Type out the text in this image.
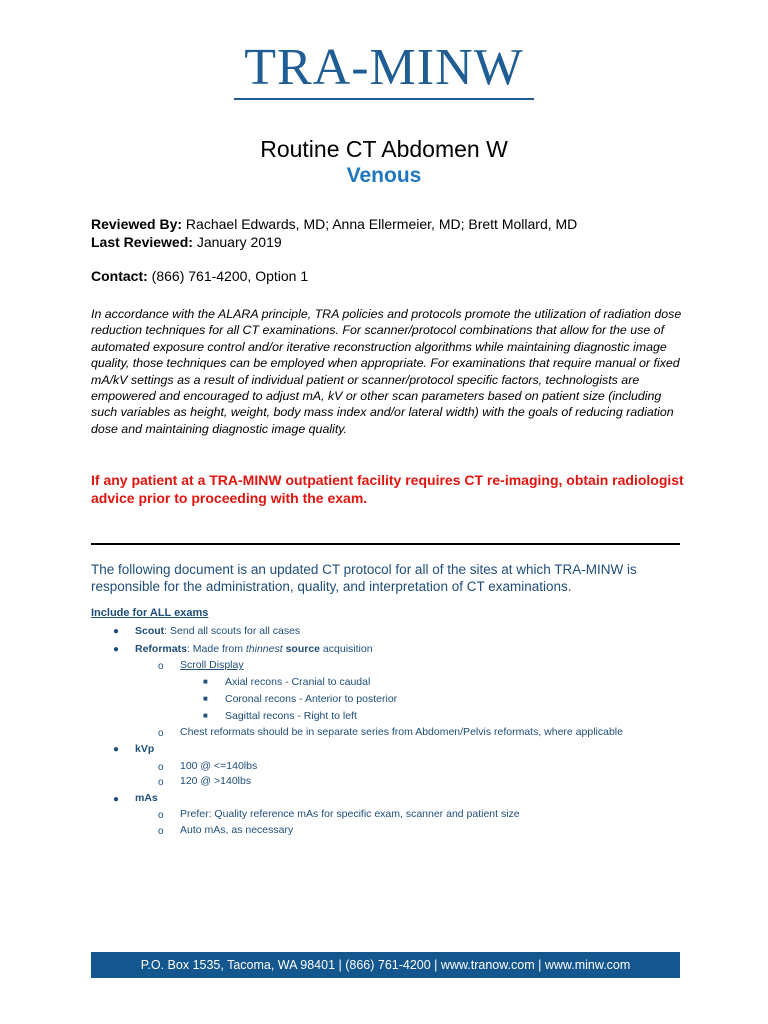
TRA-MINW
Routine CT Abdomen W
Venous
Reviewed By: Rachael Edwards, MD; Anna Ellermeier, MD; Brett Mollard, MD
Last Reviewed: January 2019
Contact: (866) 761-4200, Option 1
In accordance with the ALARA principle, TRA policies and protocols promote the utilization of radiation dose reduction techniques for all CT examinations. For scanner/protocol combinations that allow for the use of automated exposure control and/or iterative reconstruction algorithms while maintaining diagnostic image quality, those techniques can be employed when appropriate. For examinations that require manual or fixed mA/kV settings as a result of individual patient or scanner/protocol specific factors, technologists are empowered and encouraged to adjust mA, kV or other scan parameters based on patient size (including such variables as height, weight, body mass index and/or lateral width) with the goals of reducing radiation dose and maintaining diagnostic image quality.
If any patient at a TRA-MINW outpatient facility requires CT re-imaging, obtain radiologist advice prior to proceeding with the exam.
The following document is an updated CT protocol for all of the sites at which TRA-MINW is responsible for the administration, quality, and interpretation of CT examinations.
Include for ALL exams
● Scout: Send all scouts for all cases
● Reformats: Made from thinnest source acquisition
o Scroll Display
■ Axial recons - Cranial to caudal
■ Coronal recons - Anterior to posterior
■ Sagittal recons - Right to left
o Chest reformats should be in separate series from Abdomen/Pelvis reformats, where applicable
● kVp
o 100 @ <=140lbs
o 120 @ >140lbs
● mAs
o Prefer: Quality reference mAs for specific exam, scanner and patient size
o Auto mAs, as necessary
P.O. Box 1535, Tacoma, WA 98401 | (866) 761-4200 | www.tranow.com | www.minw.com
